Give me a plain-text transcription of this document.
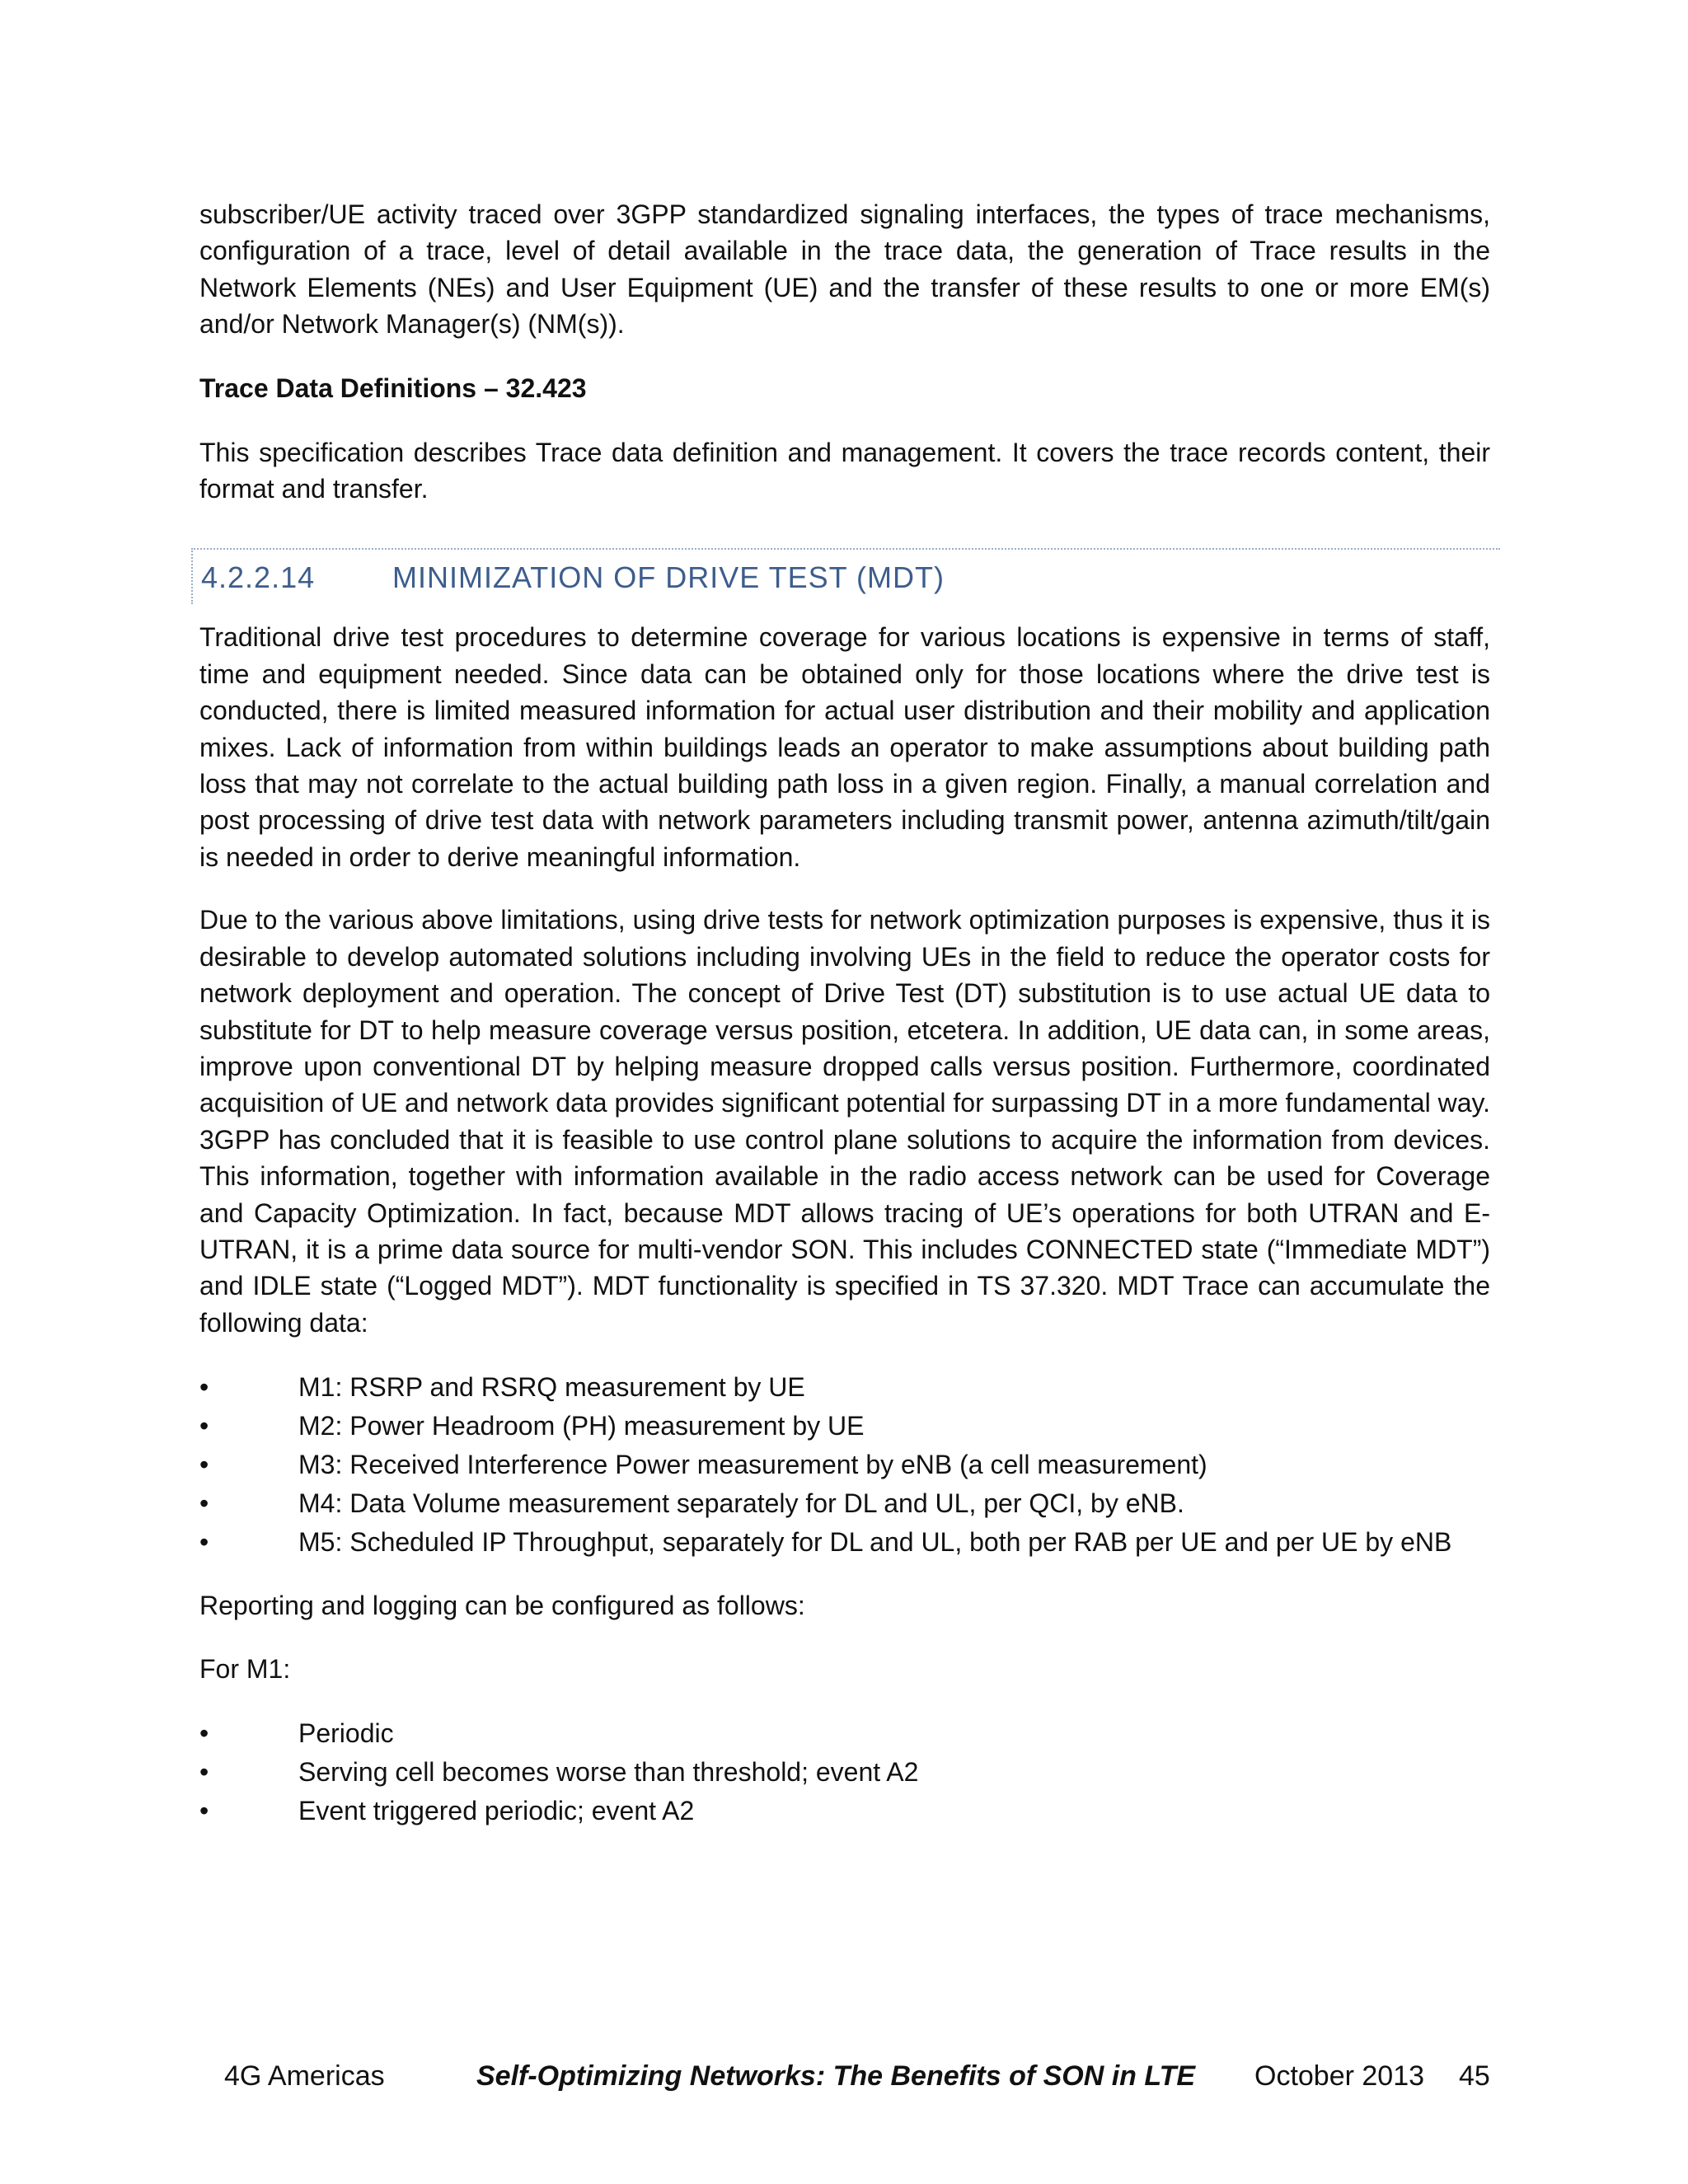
subscriber/UE activity traced over 3GPP standardized signaling interfaces, the types of trace mechanisms, configuration of a trace, level of detail available in the trace data, the generation of Trace results in the Network Elements (NEs) and User Equipment (UE) and the transfer of these results to one or more EM(s) and/or Network Manager(s) (NM(s)).

Trace Data Definitions – 32.423

This specification describes Trace data definition and management. It covers the trace records content, their format and transfer.

4.2.2.14	MINIMIZATION OF DRIVE TEST (MDT)

Traditional drive test procedures to determine coverage for various locations is expensive in terms of staff, time and equipment needed. Since data can be obtained only for those locations where the drive test is conducted, there is limited measured information for actual user distribution and their mobility and application mixes. Lack of information from within buildings leads an operator to make assumptions about building path loss that may not correlate to the actual building path loss in a given region. Finally, a manual correlation and post processing of drive test data with network parameters including transmit power, antenna azimuth/tilt/gain is needed in order to derive meaningful information.

Due to the various above limitations, using drive tests for network optimization purposes is expensive, thus it is desirable to develop automated solutions including involving UEs in the field to reduce the operator costs for network deployment and operation. The concept of Drive Test (DT) substitution is to use actual UE data to substitute for DT to help measure coverage versus position, etcetera. In addition, UE data can, in some areas, improve upon conventional DT by helping measure dropped calls versus position. Furthermore, coordinated acquisition of UE and network data provides significant potential for surpassing DT in a more fundamental way. 3GPP has concluded that it is feasible to use control plane solutions to acquire the information from devices. This information, together with information available in the radio access network can be used for Coverage and Capacity Optimization. In fact, because MDT allows tracing of UE’s operations for both UTRAN and E-UTRAN, it is a prime data source for multi-vendor SON. This includes CONNECTED state (“Immediate MDT”) and IDLE state (“Logged MDT”). MDT functionality is specified in TS 37.320. MDT Trace can accumulate the following data:

•	M1: RSRP and RSRQ measurement by UE
•	M2: Power Headroom (PH) measurement by UE
•	M3: Received Interference Power measurement by eNB (a cell measurement)
•	M4: Data Volume measurement separately for DL and UL, per QCI, by eNB.
•	M5: Scheduled IP Throughput, separately for DL and UL, both per RAB per UE and per UE by eNB

Reporting and logging can be configured as follows:

For M1:

•	Periodic
•	Serving cell becomes worse than threshold; event A2
•	Event triggered periodic; event A2
4G Americas	Self-Optimizing Networks: The Benefits of SON in LTE October 2013 45
